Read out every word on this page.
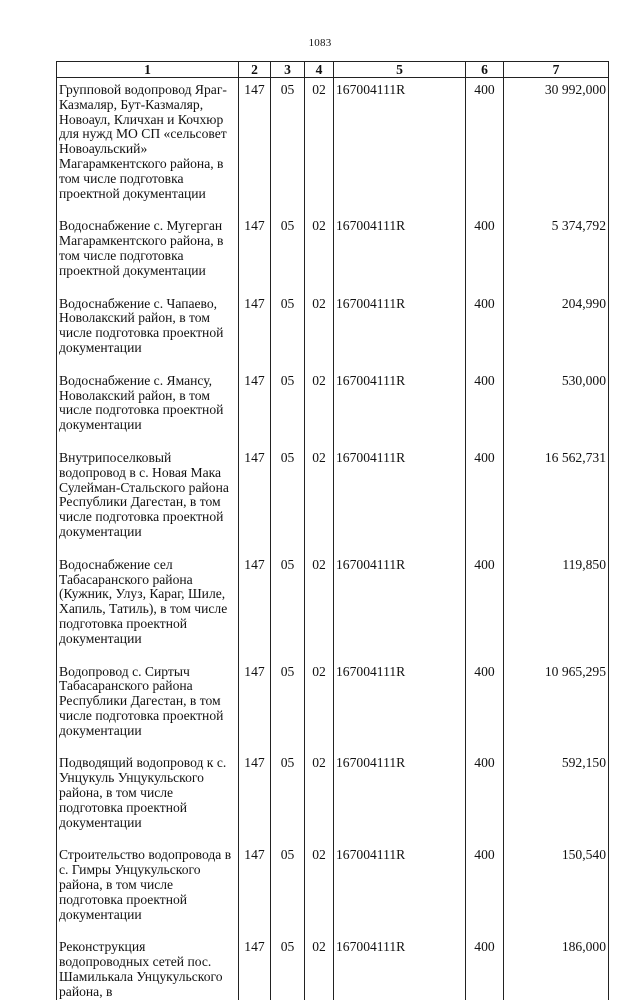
1083
1	2	3	4	5	6	7
Групповой водопровод Яраг-Казмаляр, Бут-Казмаляр, Новоаул, Кличхан и Кочхюр для нужд МО СП «сельсовет Новоаульский» Магарамкентского района, в том числе подготовка проектной документации	147	05	02	167004111R	400	30 992,000
Водоснабжение с. Мугерган Магарамкентского района, в том числе подготовка проектной документации	147	05	02	167004111R	400	5 374,792
Водоснабжение с. Чапаево, Новолакский район, в том числе подготовка проектной документации	147	05	02	167004111R	400	204,990
Водоснабжение с. Ямансу, Новолакский район, в том числе подготовка проектной документации	147	05	02	167004111R	400	530,000
Внутрипоселковый водопровод в с. Новая Мака Сулейман-Стальского района Республики Дагестан, в том числе подготовка проектной документации	147	05	02	167004111R	400	16 562,731
Водоснабжение сел Табасаранского района (Кужник, Улуз, Караг, Шиле, Хапиль, Татиль), в том числе подготовка проектной документации	147	05	02	167004111R	400	119,850
Водопровод с. Сиртыч Табасаранского района Республики Дагестан, в том числе подготовка проектной документации	147	05	02	167004111R	400	10 965,295
Подводящий водопровод к с. Унцукуль Унцукульского района, в том числе подготовка проектной документации	147	05	02	167004111R	400	592,150
Строительство водопровода в с. Гимры Унцукульского района, в том числе подготовка проектной документации	147	05	02	167004111R	400	150,540
Реконструкция водопроводных сетей пос. Шамилькала Унцукульского района, в	147	05	02	167004111R	400	186,000
